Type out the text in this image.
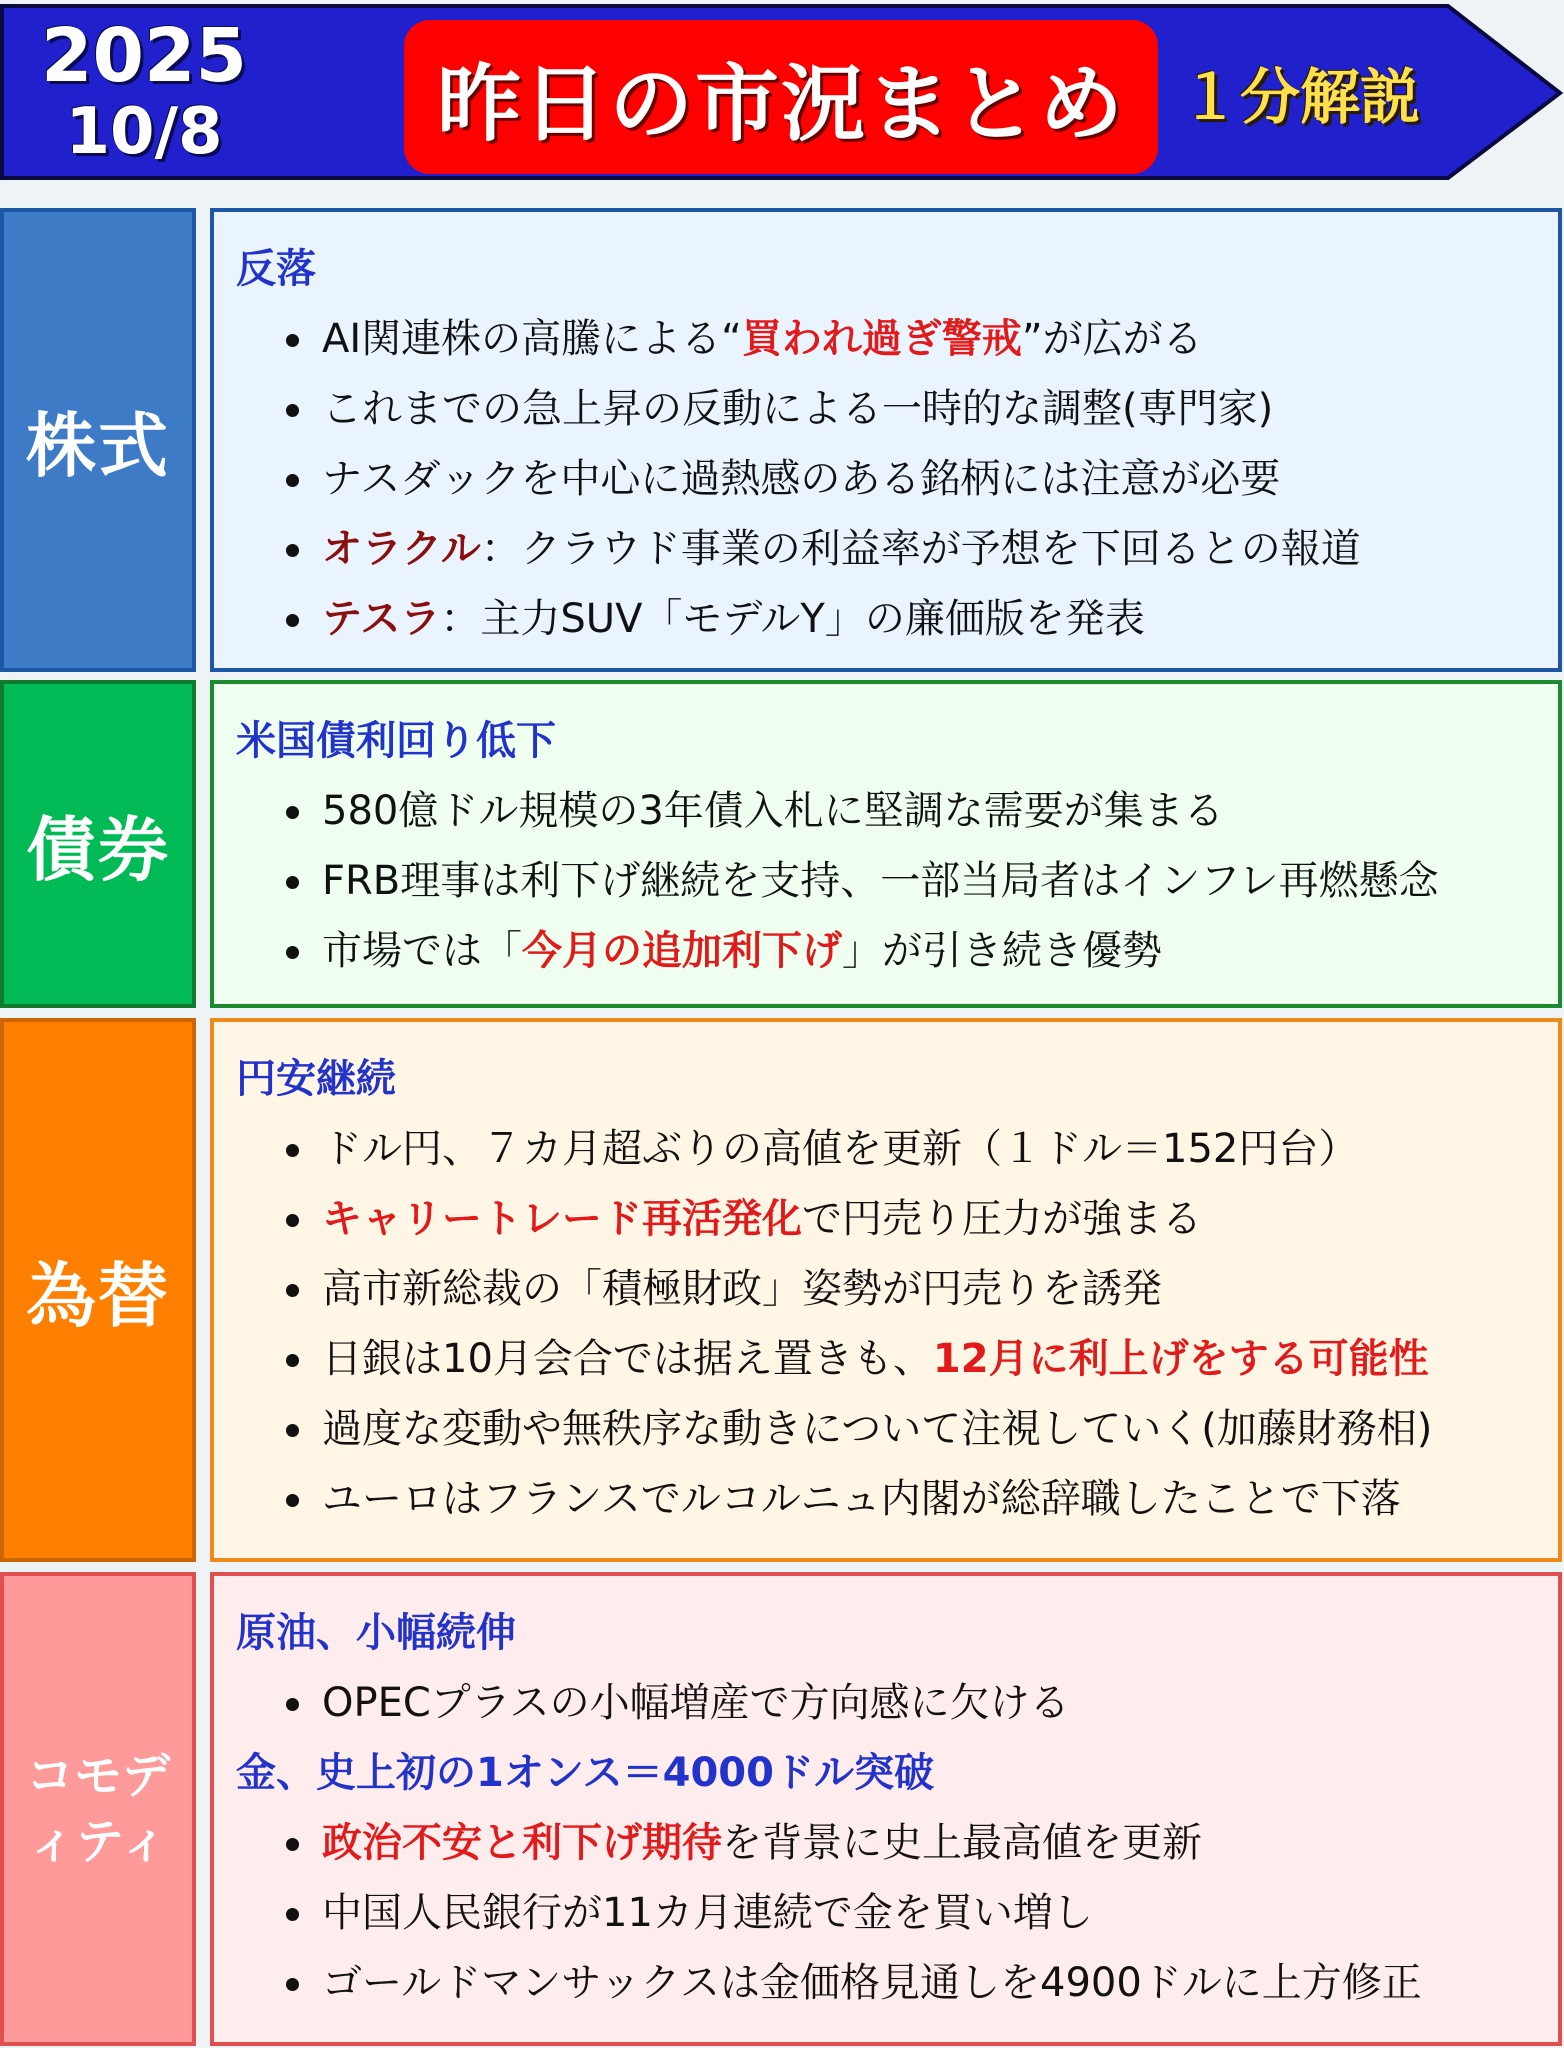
2025
10/8	昨日の市況まとめ １分解説
株式
反落
AI関連株の高騰による“買われ過ぎ警戒”が広がる
これまでの急上昇の反動による一時的な調整(専門家)
ナスダックを中心に過熱感のある銘柄には注意が必要
オラクル：クラウド事業の利益率が予想を下回るとの報道
テスラ：主力SUV「モデルY」の廉価版を発表
債券
米国債利回り低下
580億ドル規模の3年債入札に堅調な需要が集まる
FRB理事は利下げ継続を支持、一部当局者はインフレ再燃懸念
市場では「今月の追加利下げ」が引き続き優勢
為替
円安継続
ドル円、７カ月超ぶりの高値を更新（１ドル＝152円台）
キャリートレード再活発化で円売り圧力が強まる
高市新総裁の「積極財政」姿勢が円売りを誘発
日銀は10月会合では据え置きも、12月に利上げをする可能性
過度な変動や無秩序な動きについて注視していく(加藤財務相)
ユーロはフランスでルコルニュ内閣が総辞職したことで下落
コモディティ
原油、小幅続伸
OPECプラスの小幅増産で方向感に欠ける
金、史上初の1オンス＝4000ドル突破
政治不安と利下げ期待を背景に史上最高値を更新
中国人民銀行が11カ月連続で金を買い増し
ゴールドマンサックスは金価格見通しを4900ドルに上方修正
